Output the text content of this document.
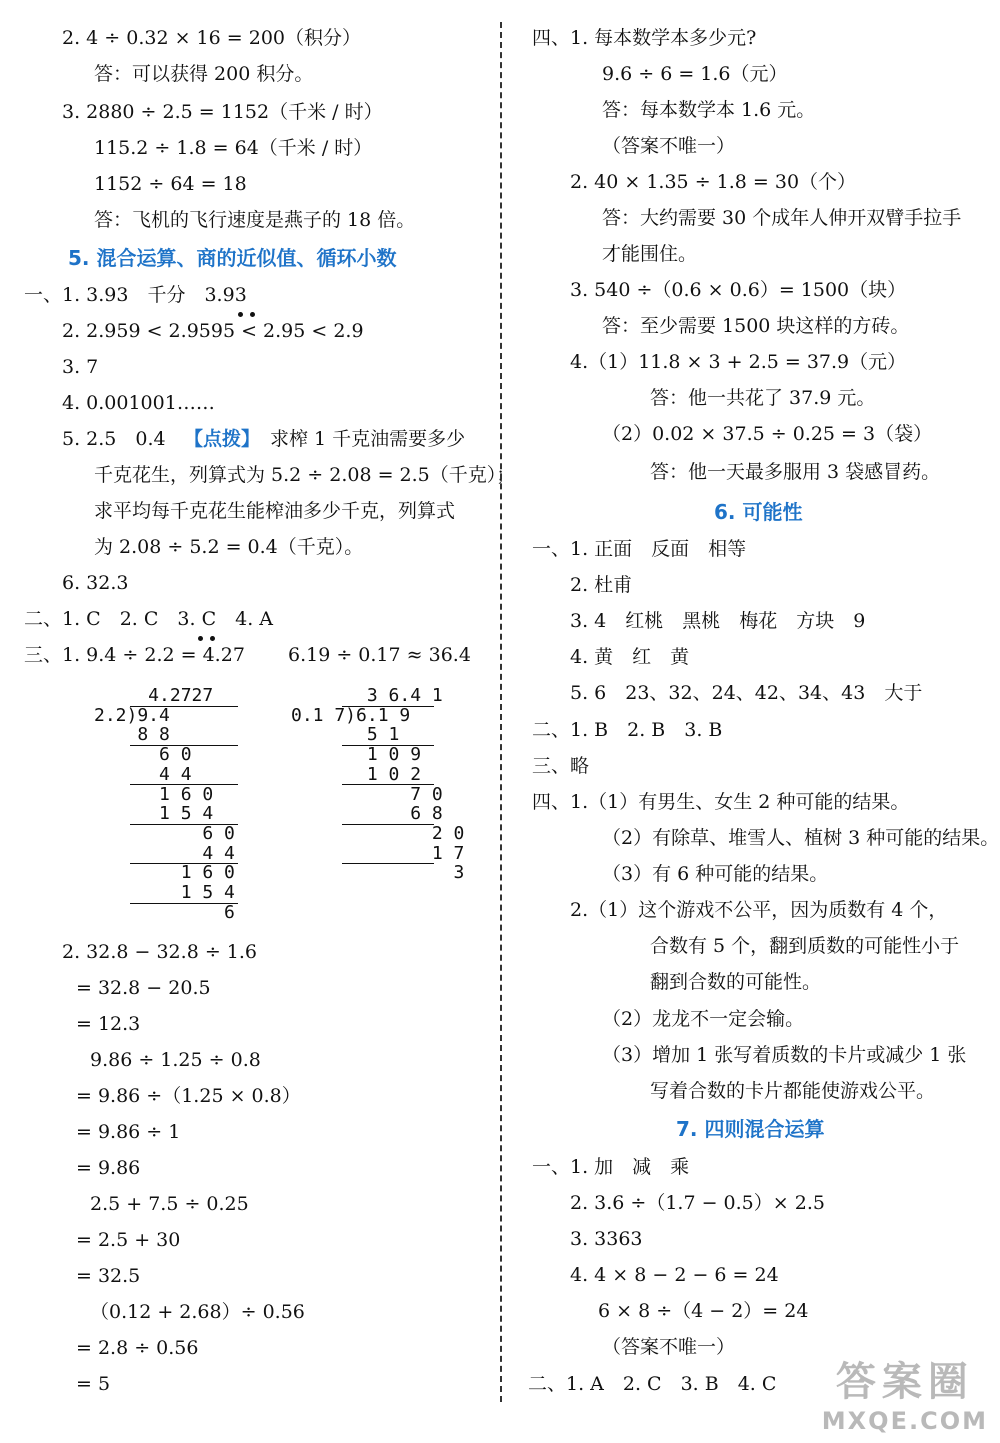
2. 4 ÷ 0.32 × 16 = 200（积分）
答：可以获得 200 积分。
3. 2880 ÷ 2.5 = 1152（千米 / 时）
115.2 ÷ 1.8 = 64（千米 / 时）
1152 ÷ 64 = 18
答：飞机的飞行速度是燕子的 18 倍。
5. 混合运算、商的近似值、循环小数
一、1. 3.93　千分　3.93
2. 2.959 < 2.9595 < 2.95 < 2.9
3. 7
4. 0.001001……
5. 2.5　0.4 【点拨】 求榨 1 千克油需要多少
千克花生，列算式为 5.2 ÷ 2.08 = 2.5（千克）；
求平均每千克花生能榨油多少千克，列算式
为 2.08 ÷ 5.2 = 0.4（千克）。
6. 32.3
二、1. C　2. C　3. C　4. A
三、1. 9.4 ÷ 2.2 = 4.27 6.19 ÷ 0.17 ≈ 36.4
4.2727
2.2)9.4
8 8
6 0
4 4
1 6 0
1 5 4
6 0
4 4
1 6 0
1 5 4
6
3 6.4 1
0.1 7)6.1 9
5 1
1 0 9
1 0 2
7 0
6 8
2 0
1 7
3
2. 32.8 − 32.8 ÷ 1.6
= 32.8 − 20.5
= 12.3
9.86 ÷ 1.25 ÷ 0.8
= 9.86 ÷（1.25 × 0.8）
= 9.86 ÷ 1
= 9.86
2.5 + 7.5 ÷ 0.25
= 2.5 + 30
= 32.5
（0.12 + 2.68）÷ 0.56
= 2.8 ÷ 0.56
= 5
四、1. 每本数学本多少元?
9.6 ÷ 6 = 1.6（元）
答：每本数学本 1.6 元。
（答案不唯一）
2. 40 × 1.35 ÷ 1.8 = 30（个）
答：大约需要 30 个成年人伸开双臂手拉手
才能围住。
3. 540 ÷（0.6 × 0.6）= 1500（块）
答：至少需要 1500 块这样的方砖。
4.（1）11.8 × 3 + 2.5 = 37.9（元）
答：他一共花了 37.9 元。
（2）0.02 × 37.5 ÷ 0.25 = 3（袋）
答：他一天最多服用 3 袋感冒药。
6. 可能性
一、1. 正面　反面　相等
2. 杜甫
3. 4　红桃　黑桃　梅花　方块　9
4. 黄　红　黄
5. 6　23、32、24、42、34、43　大于
二、1. B　2. B　3. B
三、略
四、1.（1）有男生、女生 2 种可能的结果。
（2）有除草、堆雪人、植树 3 种可能的结果。
（3）有 6 种可能的结果。
2.（1）这个游戏不公平，因为质数有 4 个，
合数有 5 个，翻到质数的可能性小于
翻到合数的可能性。
（2）龙龙不一定会输。
（3）增加 1 张写着质数的卡片或减少 1 张
写着合数的卡片都能使游戏公平。
7. 四则混合运算
一、1. 加　减　乘
2. 3.6 ÷（1.7 − 0.5）× 2.5
3. 3363
4. 4 × 8 − 2 − 6 = 24
6 × 8 ÷（4 − 2）= 24
（答案不唯一）
二、1. A　2. C　3. B　4. C	答案圈
MXQE.COM
